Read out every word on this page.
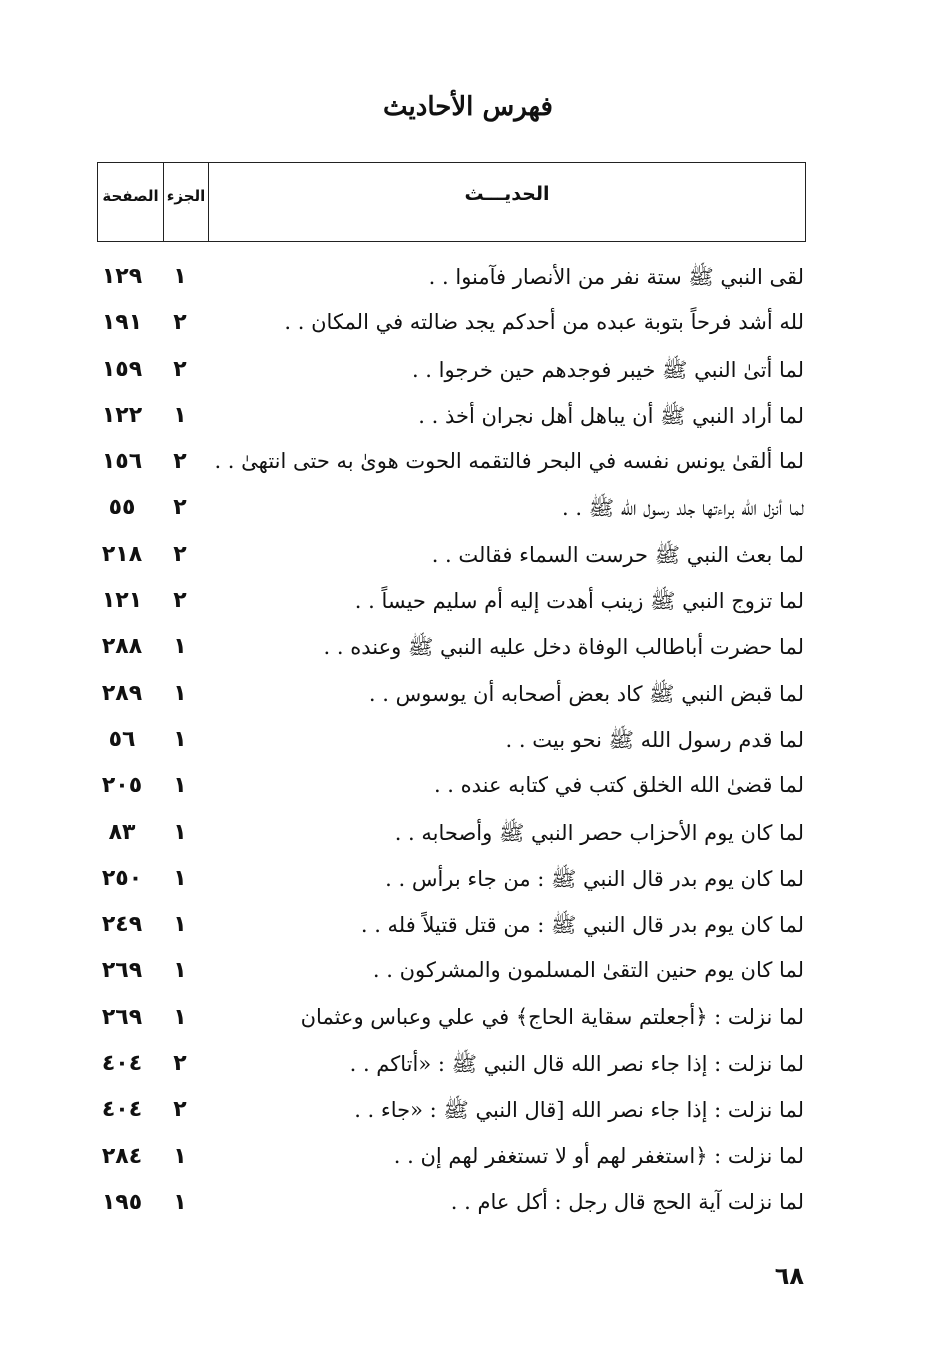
فهرس الأحاديث
الصفحة الجزء	الحديـــث
لقى النبي ﷺ ستة نفر من الأنصار فآمنوا . .
١
١٢٩
لله أشد فرحاً بتوبة عبده من أحدكم يجد ضالته في المكان . .
٢
١٩١
لما أتىٰ النبي ﷺ خيبر فوجدهم حين خرجوا . .
٢
١٥٩
لما أراد النبي ﷺ أن يباهل أهل نجران أخذ . .
١
١٢٢
لما ألقىٰ يونس نفسه في البحر فالتقمه الحوت هوىٰ به حتى انتهىٰ . .
٢
١٥٦
لما أنزل الله براءتها جلد رسول الله ﷺ . .
٢
٥٥
لما بعث النبي ﷺ حرست السماء فقالت . .
٢
٢١٨
لما تزوج النبي ﷺ زينب أهدت إليه أم سليم حيساً . .
٢
١٢١
لما حضرت أباطالب الوفاة دخل عليه النبي ﷺ وعنده . .
١
٢٨٨
لما قبض النبي ﷺ كاد بعض أصحابه أن يوسوس . .
١
٢٨٩
لما قدم رسول الله ﷺ نحو بيت . .
١
٥٦
لما قضىٰ الله الخلق كتب في كتابه عنده . .
١
٢٠٥
لما كان يوم الأحزاب حصر النبي ﷺ وأصحابه . .
١
٨٣
لما كان يوم بدر قال النبي ﷺ : من جاء برأس . .
١
٢٥٠
لما كان يوم بدر قال النبي ﷺ : من قتل قتيلاً فله . .
١
٢٤٩
لما كان يوم حنين التقىٰ المسلمون والمشركون . .
١
٢٦٩
لما نزلت : ﴿أجعلتم سقاية الحاج﴾ في علي وعباس وعثمان
١
٢٦٩
لما نزلت : إذا جاء نصر الله قال النبي ﷺ : «أتاكم . .
٢
٤٠٤
لما نزلت : إذا جاء نصر الله [قال النبي ﷺ : «جاء . .
٢
٤٠٤
لما نزلت : ﴿استغفر لهم أو لا تستغفر لهم إن . .
١
٢٨٤
لما نزلت آية الحج قال رجل : أكل عام . .
١
١٩٥
٦٨
